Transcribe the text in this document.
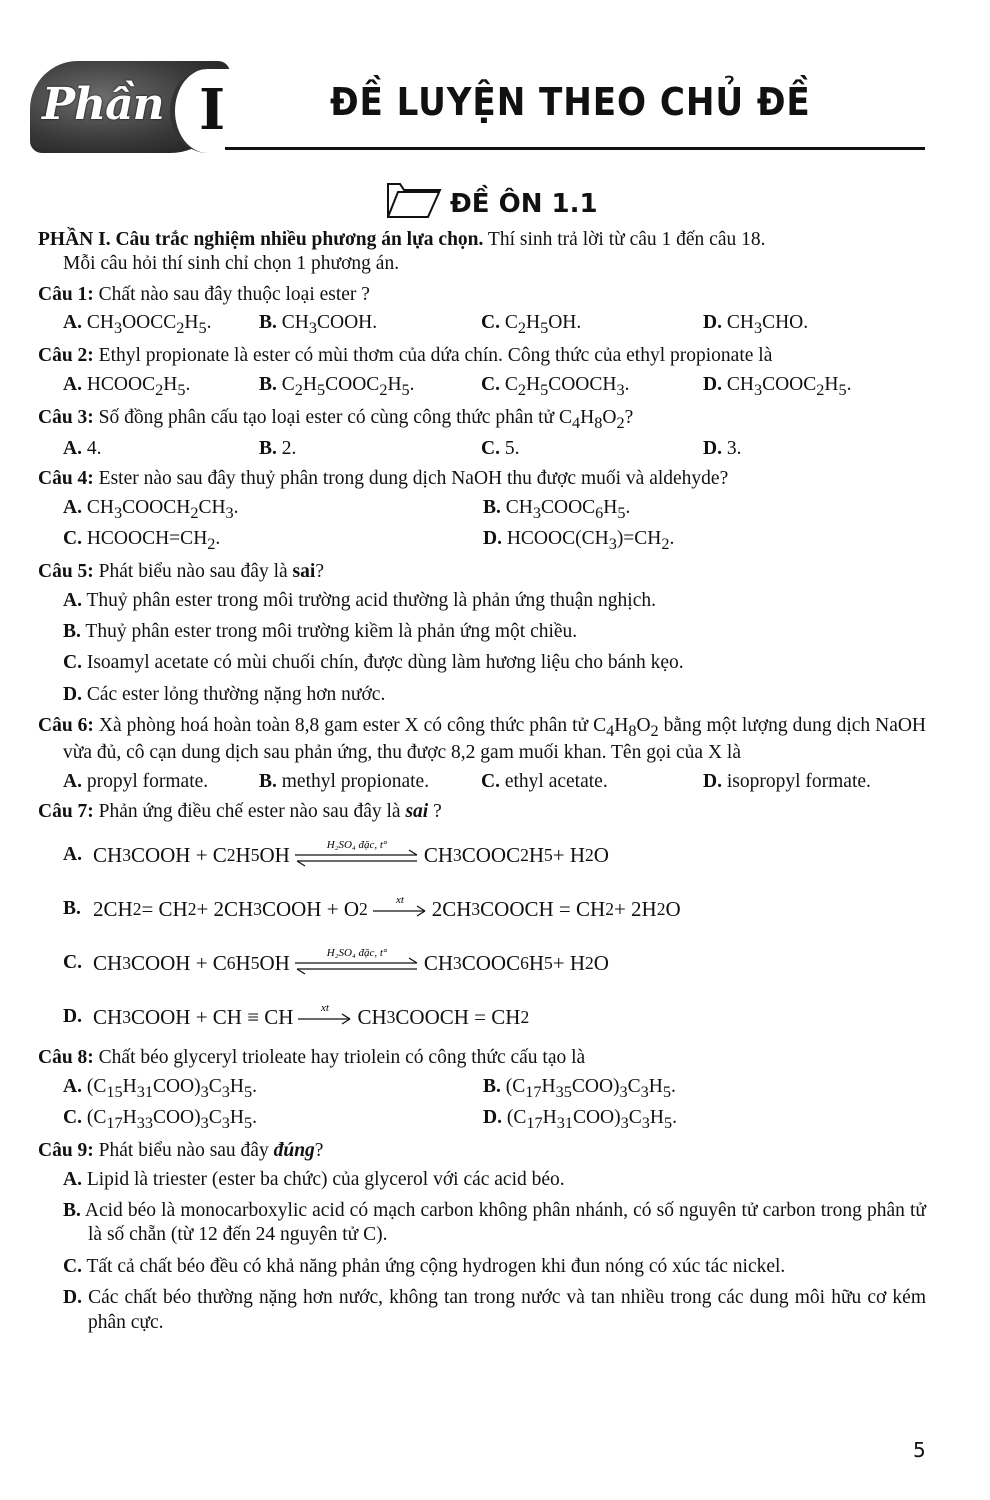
Phần I	ĐỀ LUYỆN THEO CHỦ ĐỀ
ĐỀ ÔN 1.1

PHẦN I. Câu trắc nghiệm nhiều phương án lựa chọn. Thí sinh trả lời từ câu 1 đến câu 18.

Mỗi câu hỏi thí sinh chỉ chọn 1 phương án.

Câu 1: Chất nào sau đây thuộc loại ester ?

A. $CH_3OOCC_2H_5$.	B. $CH_3COOH$.	C. $C_2H_5OH$.	D. $CH_3CHO$.

Câu 2: Ethyl propionate là ester có mùi thơm của dứa chín. Công thức của ethyl propionate là

A. $HCOOC_2H_5$.	B. $C_2H_5COOC_2H_5$.	C. $C_2H_5COOCH_3$.	D. $CH_3COOC_2H_5$.

Câu 3: Số đồng phân cấu tạo loại ester có cùng công thức phân tử $C_4H_8O_2$?

A. 4.	B. 2.	C. 5.	D. 3.

Câu 4: Ester nào sau đây thuỷ phân trong dung dịch NaOH thu được muối và aldehyde?

A. $CH_3COOCH_2CH_3$.	B. $CH_3COOC_6H_5$.
C. $HCOOCH=CH_2$.	D. $HCOOC(CH_3)=CH_2$.

Câu 5: Phát biểu nào sau đây là sai?

A. Thuỷ phân ester trong môi trường acid thường là phản ứng thuận nghịch.
B. Thuỷ phân ester trong môi trường kiềm là phản ứng một chiều.
C. Isoamyl acetate có mùi chuối chín, được dùng làm hương liệu cho bánh kẹo.
D. Các ester lỏng thường nặng hơn nước.

Câu 6: Xà phòng hoá hoàn toàn 8,8 gam ester X có công thức phân tử $C_4H_8O_2$ bằng một lượng dung dịch NaOH vừa đủ, cô cạn dung dịch sau phản ứng, thu được 8,2 gam muối khan. Tên gọi của X là

A. propyl formate.	B. methyl propionate.	C. ethyl acetate.	D. isopropyl formate.

Câu 7: Phản ứng điều chế ester nào sau đây là sai ?

A. CH 3 COOH + C 2 H 5 OH	H₂SO₄ đặc, t° CH 3 COOC 2 H 5 + H 2 O
B. 2CH 2 = CH 2 + 2CH 3 COOH + O 2	xt 2CH 3 COOCH = CH 2 + 2H 2 O
C. CH 3 COOH + C 6 H 5 OH	H₂SO₄ đặc, t° CH 3 COOC 6 H 5 + H 2 O
D. CH 3 COOH + CH ≡ CH	xt CH 3 COOCH = CH 2

Câu 8: Chất béo glyceryl trioleate hay triolein có công thức cấu tạo là

A. $(C_{15}H_{31}COO)_3C_3H_5$.	B. $(C_{17}H_{35}COO)_3C_3H_5$.
C. $(C_{17}H_{33}COO)_3C_3H_5$.	D. $(C_{17}H_{31}COO)_3C_3H_5$.

Câu 9: Phát biểu nào sau đây đúng?

A. Lipid là triester (ester ba chức) của glycerol với các acid béo.
B. Acid béo là monocarboxylic acid có mạch carbon không phân nhánh, có số nguyên tử carbon trong phân tử là số chẵn (từ 12 đến 24 nguyên tử C).
C. Tất cả chất béo đều có khả năng phản ứng cộng hydrogen khi đun nóng có xúc tác nickel.
D. Các chất béo thường nặng hơn nước, không tan trong nước và tan nhiều trong các dung môi hữu cơ kém phân cực.
5
